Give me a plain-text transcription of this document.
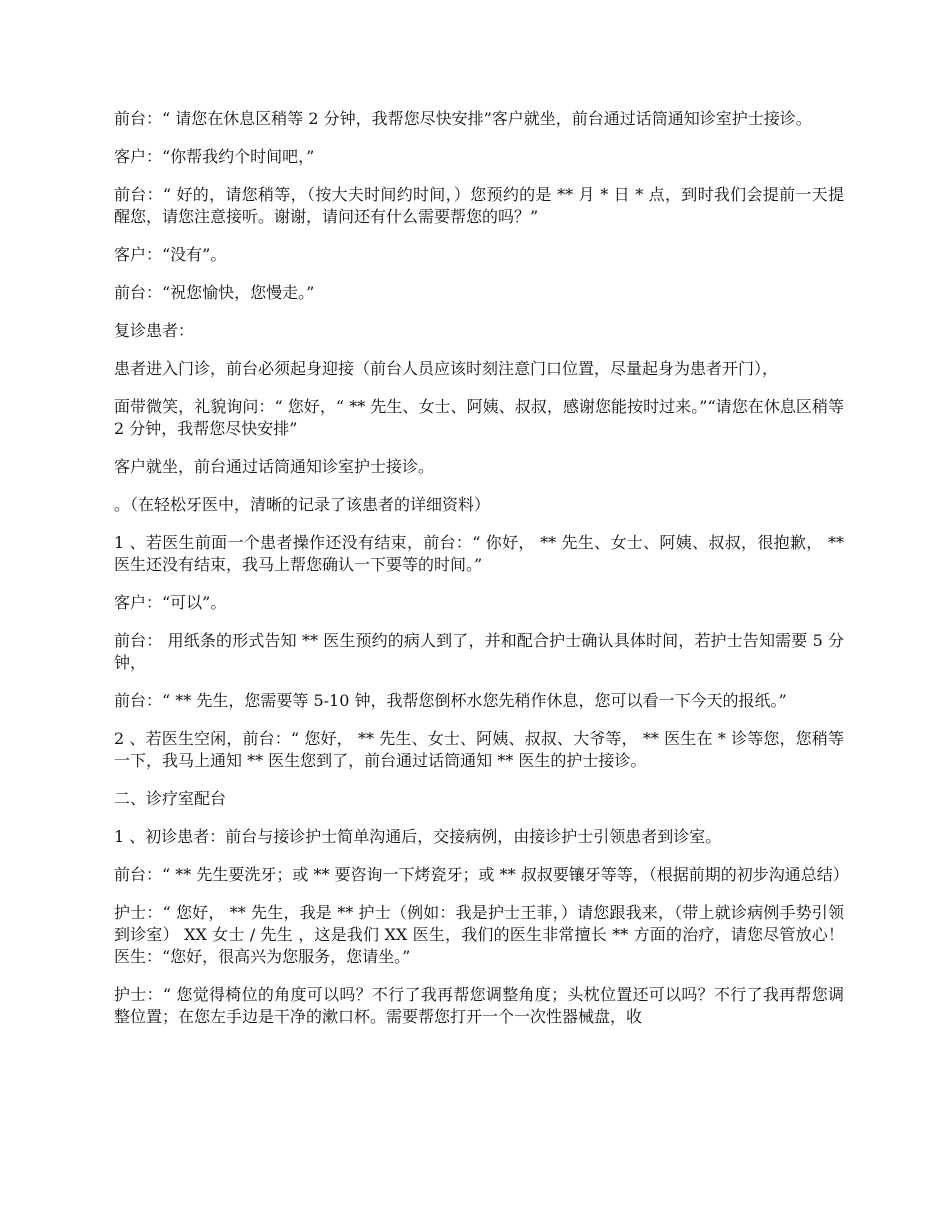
前台：“ 请您在休息区稍等 2 分钟，我帮您尽快安排”客户就坐，前台通过话筒通知诊室护士接诊。

客户：“你帮我约个时间吧，”

前台：“ 好的，请您稍等，（按大夫时间约时间，）您预约的是 ** 月 * 日 * 点，到时我们会提前一天提醒您，请您注意接听。谢谢，请问还有什么需要帮您的吗？”

客户：“没有”。

前台：“祝您愉快，您慢走。”

复诊患者：

患者进入门诊，前台必须起身迎接（前台人员应该时刻注意门口位置，尽量起身为患者开门），

面带微笑，礼貌询问：“ 您好，“ ** 先生、女士、阿姨、叔叔，感谢您能按时过来。”“请您在休息区稍等 2 分钟，我帮您尽快安排”

客户就坐，前台通过话筒通知诊室护士接诊。

。（在轻松牙医中，清晰的记录了该患者的详细资料）

1 、若医生前面一个患者操作还没有结束，前台：“ 你好， ** 先生、女士、阿姨、叔叔，很抱歉， ** 医生还没有结束，我马上帮您确认一下要等的时间。”

客户：“可以”。

前台： 用纸条的形式告知 ** 医生预约的病人到了，并和配合护士确认具体时间，若护士告知需要 5 分钟，

前台：“ ** 先生，您需要等 5-10 钟，我帮您倒杯水您先稍作休息，您可以看一下今天的报纸。”

2 、若医生空闲，前台：“ 您好， ** 先生、女士、阿姨、叔叔、大爷等， ** 医生在 * 诊等您，您稍等一下，我马上通知 ** 医生您到了，前台通过话筒通知 ** 医生的护士接诊。

二、诊疗室配台

1 、初诊患者：前台与接诊护士简单沟通后，交接病例，由接诊护士引领患者到诊室。

前台：“ ** 先生要洗牙；或 ** 要咨询一下烤瓷牙；或 ** 叔叔要镶牙等等，（根据前期的初步沟通总结）

护士：“ 您好， ** 先生，我是 ** 护士（例如：我是护士王菲，）请您跟我来，（带上就诊病例手势引领到诊室） XX 女士 / 先生 ，这是我们 XX 医生，我们的医生非常擅长 ** 方面的治疗，请您尽管放心！ 医生：“您好，很高兴为您服务，您请坐。”

护士：“ 您觉得椅位的角度可以吗？不行了我再帮您调整角度；头枕位置还可以吗？不行了我再帮您调整位置；在您左手边是干净的漱口杯。需要帮您打开一个一次性器械盘，收
